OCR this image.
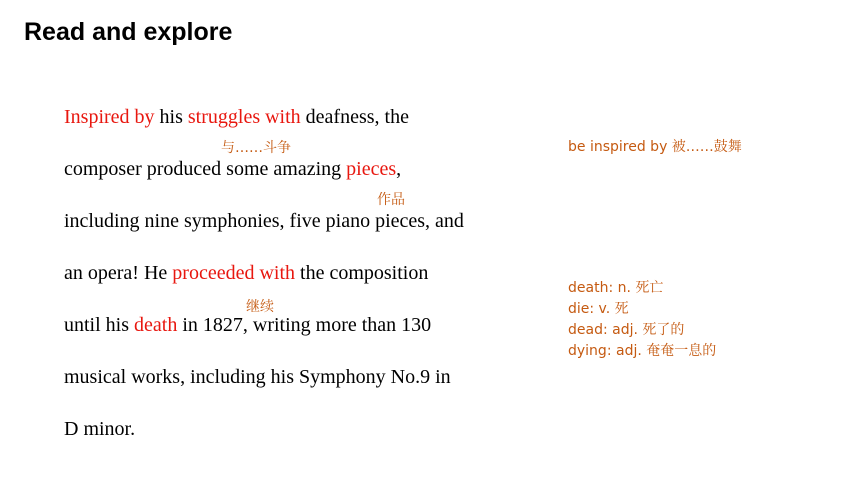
Read and explore
Inspired by his struggles with deafness, the
composer produced some amazing pieces,
including nine symphonies, five piano pieces, and
an opera! He proceeded with the composition
until his death in 1827, writing more than 130
musical works, including his Symphony No.9 in
D minor.
与……斗争
作品
继续
be inspired by 被……鼓舞
death: n. 死亡
die: v. 死
dead: adj. 死了的
dying: adj. 奄奄一息的
